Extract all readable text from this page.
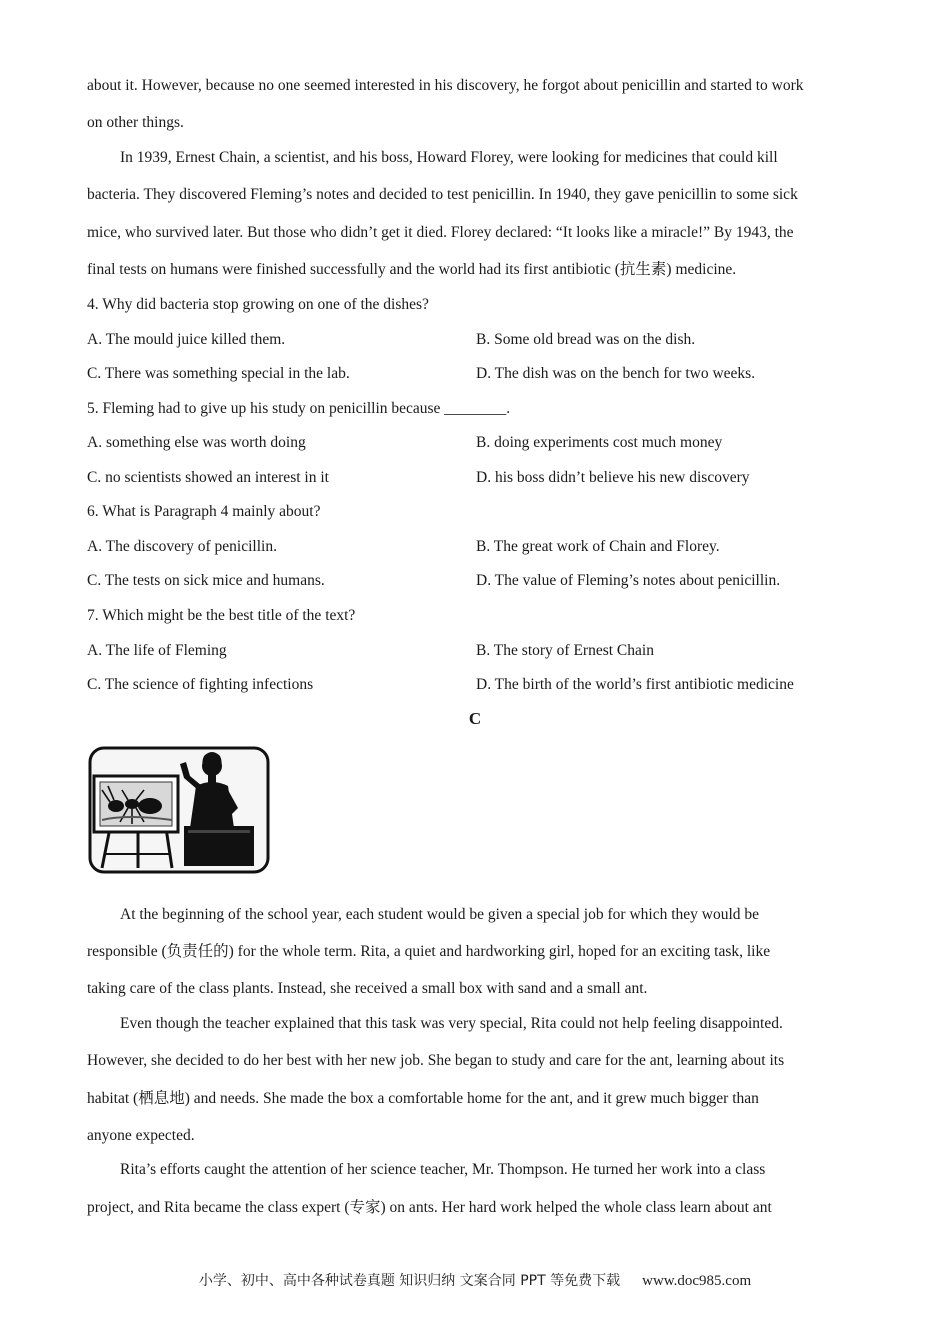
about it. However, because no one seemed interested in his discovery, he forgot about penicillin and started to work
on other things.
In 1939, Ernest Chain, a scientist, and his boss, Howard Florey, were looking for medicines that could kill
bacteria. They discovered Fleming’s notes and decided to test penicillin. In 1940, they gave penicillin to some sick
mice, who survived later. But those who didn’t get it died. Florey declared: “It looks like a miracle!” By 1943, the
final tests on humans were finished successfully and the world had its first antibiotic (抗生素) medicine.
4. Why did bacteria stop growing on one of the dishes?
A. The mould juice killed them.	B. Some old bread was on the dish.
C. There was something special in the lab.	D. The dish was on the bench for two weeks.
5. Fleming had to give up his study on penicillin because ________.
A. something else was worth doing	B. doing experiments cost much money
C. no scientists showed an interest in it	D. his boss didn’t believe his new discovery
6. What is Paragraph 4 mainly about?
A. The discovery of penicillin.	B. The great work of Chain and Florey.
C. The tests on sick mice and humans.	D. The value of Fleming’s notes about penicillin.
7. Which might be the best title of the text?
A. The life of Fleming	B. The story of Ernest Chain
C. The science of fighting infections	D. The birth of the world’s first antibiotic medicine
C
At the beginning of the school year, each student would be given a special job for which they would be
responsible (负责任的) for the whole term. Rita, a quiet and hardworking girl, hoped for an exciting task, like
taking care of the class plants. Instead, she received a small box with sand and a small ant.
Even though the teacher explained that this task was very special, Rita could not help feeling disappointed.
However, she decided to do her best with her new job. She began to study and care for the ant, learning about its
habitat (栖息地) and needs. She made the box a comfortable home for the ant, and it grew much bigger than
anyone expected.
Rita’s efforts caught the attention of her science teacher, Mr. Thompson. He turned her work into a class
project, and Rita became the class expert (专家) on ants. Her hard work helped the whole class learn about ant
小学、初中、高中各种试卷真题 知识归纳 文案合同 PPT 等免费下载 www.doc985.com
